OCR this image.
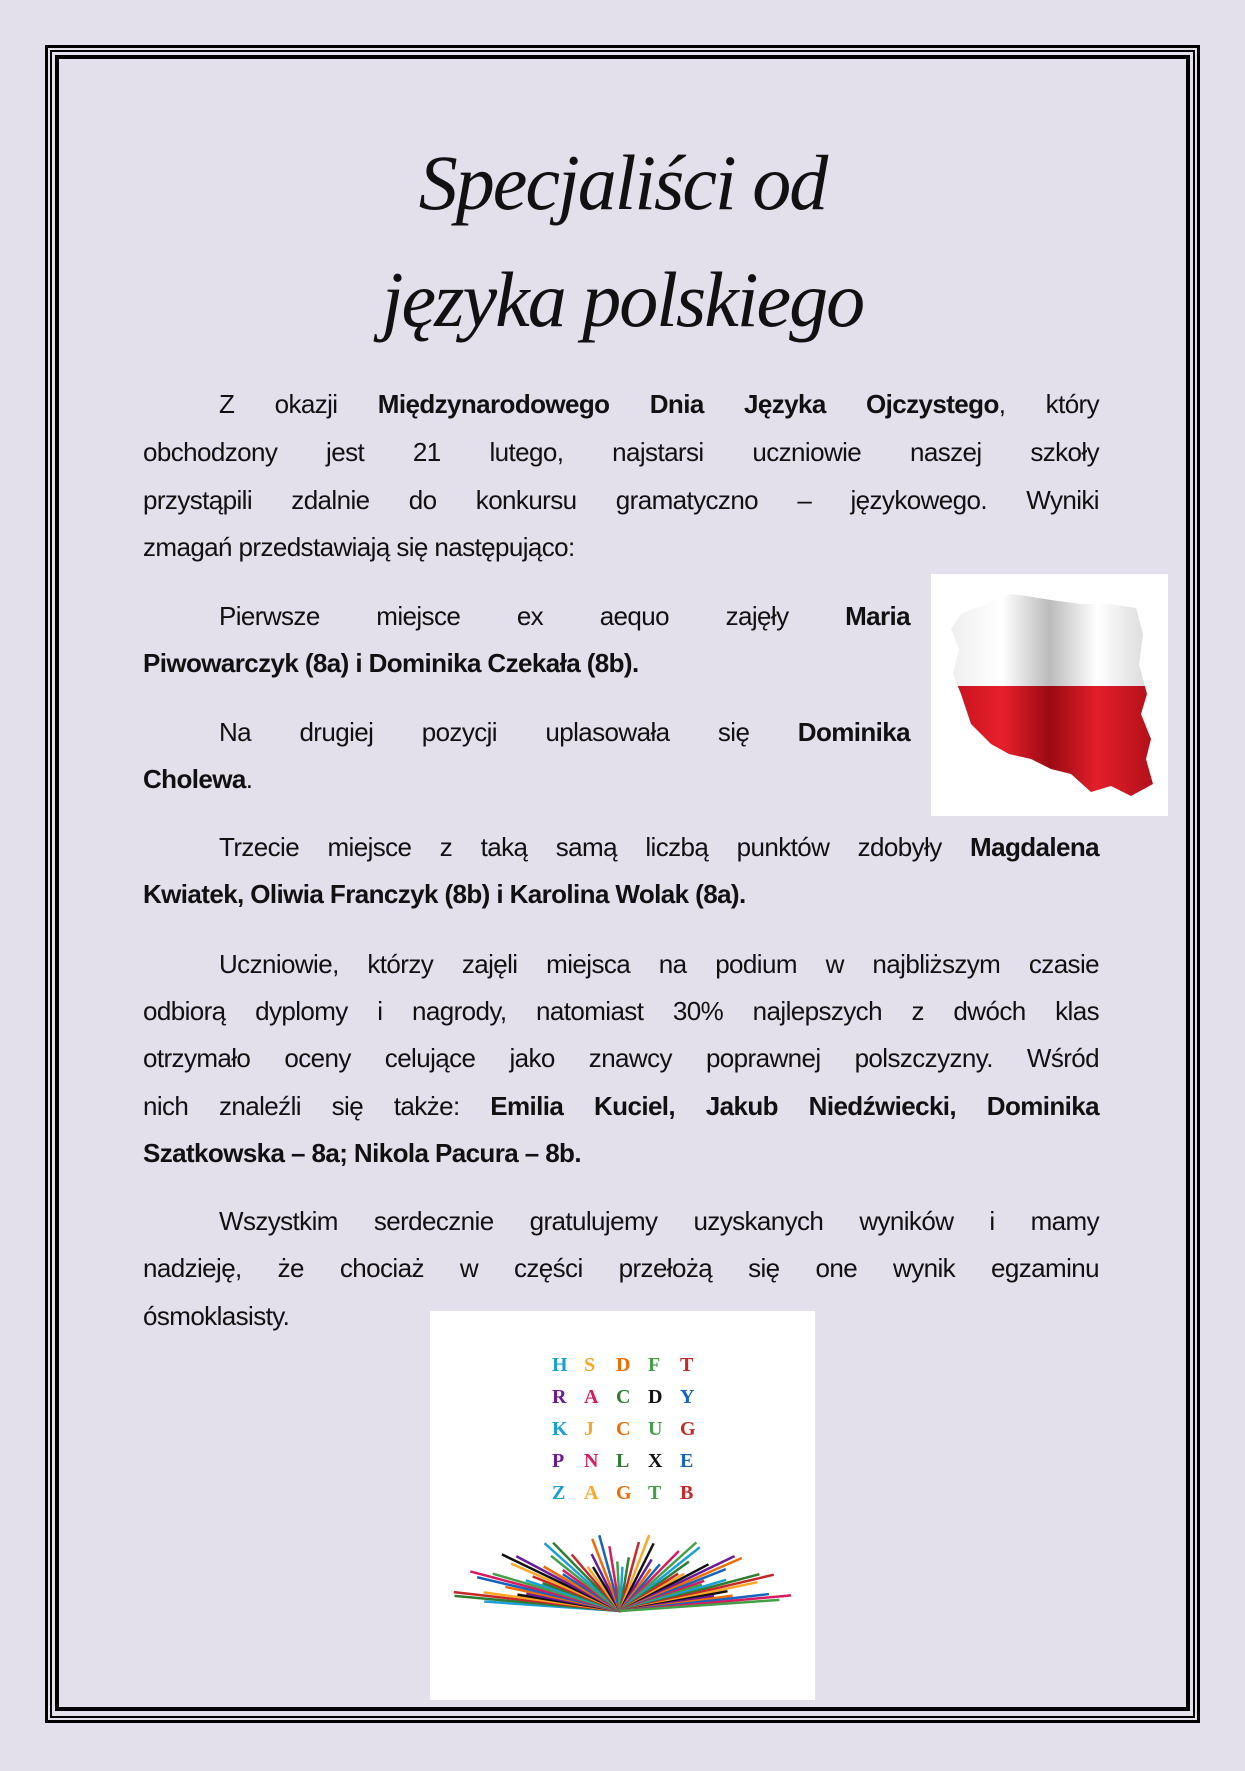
Specjaliści od
języka polskiego
Z okazji Międzynarodowego Dnia Języka Ojczystego, który
obchodzony jest 21 lutego, najstarsi uczniowie naszej szkoły
przystąpili zdalnie do konkursu gramatyczno – językowego. Wyniki
zmagań przedstawiają się następująco:
Pierwsze miejsce ex aequo zajęły Maria
Piwowarczyk (8a) i Dominika Czekała (8b).
Na drugiej pozycji uplasowała się Dominika
Cholewa.
Trzecie miejsce z taką samą liczbą punktów zdobyły Magdalena
Kwiatek, Oliwia Franczyk (8b) i Karolina Wolak (8a).
Uczniowie, którzy zajęli miejsca na podium w najbliższym czasie
odbiorą dyplomy i nagrody, natomiast 30% najlepszych z dwóch klas
otrzymało oceny celujące jako znawcy poprawnej polszczyzny. Wśród
nich znaleźli się także: Emilia Kuciel, Jakub Niedźwiecki, Dominika
Szatkowska – 8a; Nikola Pacura – 8b.
Wszystkim serdecznie gratulujemy uzyskanych wyników i mamy
nadzieję, że chociaż w części przełożą się one wynik egzaminu
ósmoklasisty.
H S D F T
R A C D Y
K J C U G
P N L X E
Z A G T B
